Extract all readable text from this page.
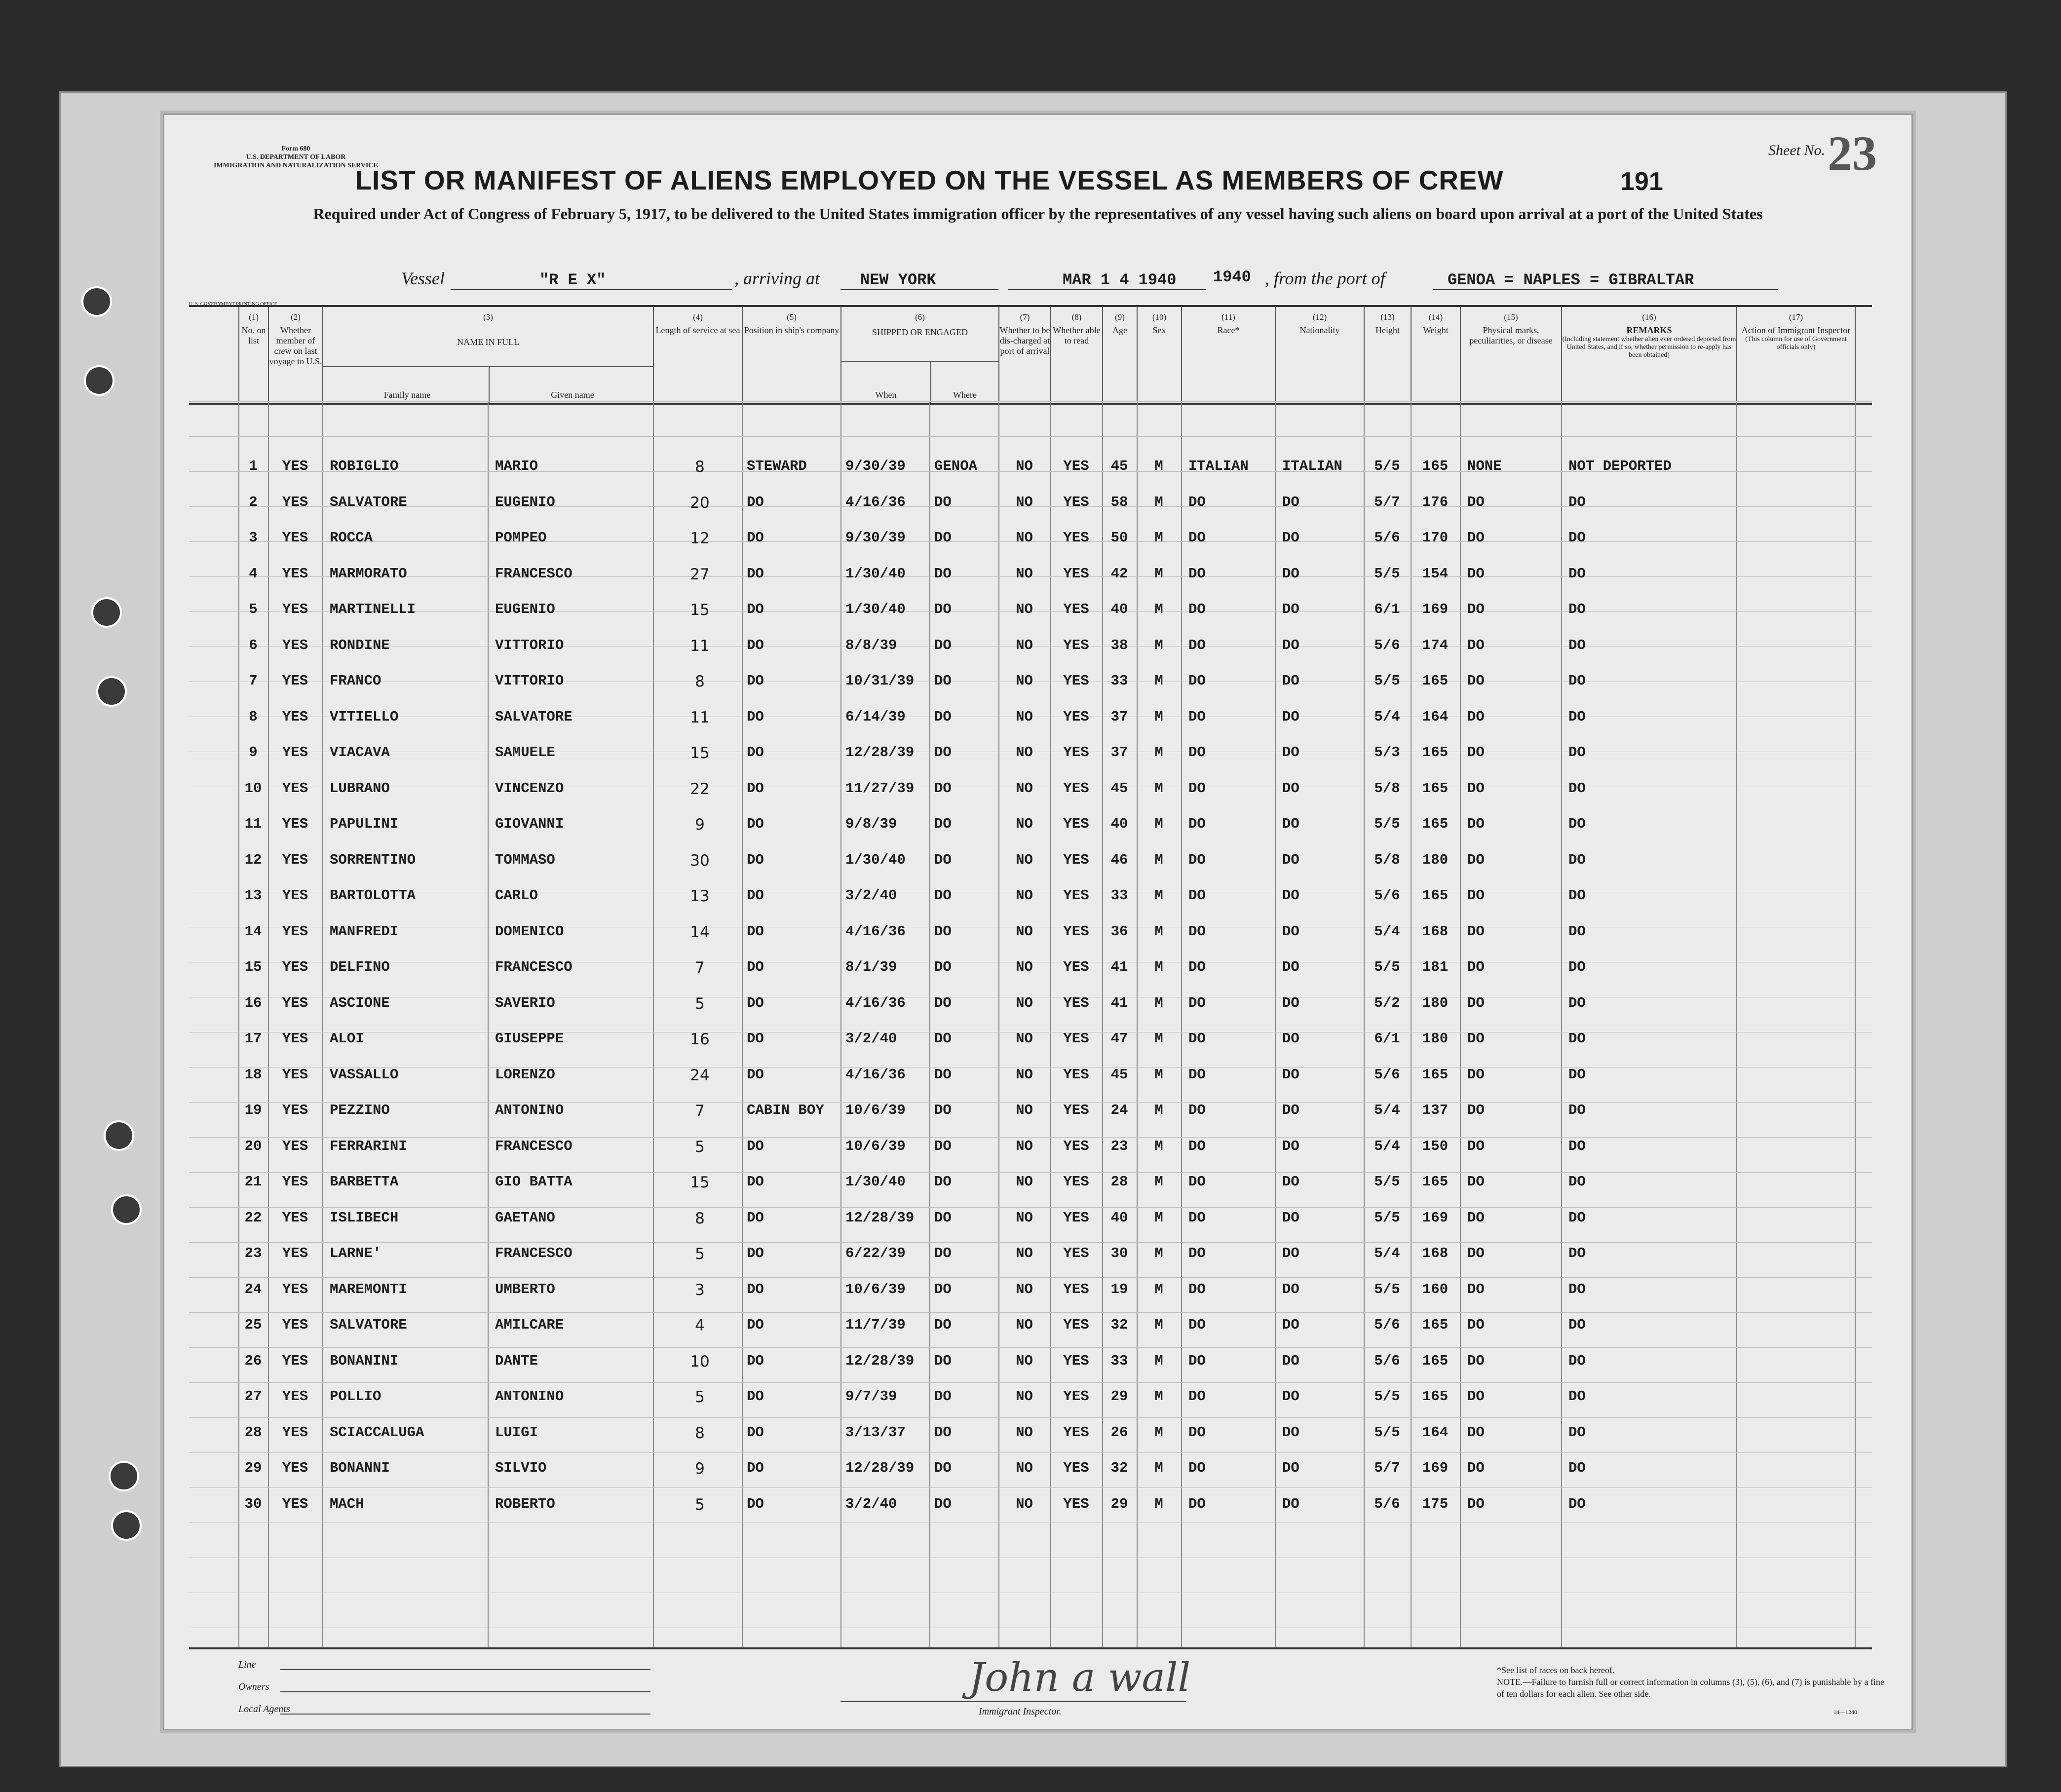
Form 680
U.S. DEPARTMENT OF LABOR
IMMIGRATION AND NATURALIZATION SERVICE
Sheet No. 23
191
LIST OR MANIFEST OF ALIENS EMPLOYED ON THE VESSEL AS MEMBERS OF CREW
Required under Act of Congress of February 5, 1917, to be delivered to the United States immigration officer by the representatives of any vessel having such aliens on board upon arrival at a port of the United States
Vessel	"R E X"	, arriving at	NEW YORK	MAR 1 4 1940	1940 , from the port of	GENOA = NAPLES = GIBRALTAR
U. S. GOVERNMENT PRINTING OFFICE
(1)
No. on list
(2)
Whether member of crew on last voyage to U.S.
(3)
NAME IN FULL
Family name	Given name
(4)
Length of service at sea
(5)
Position in ship's company
(6)
SHIPPED OR ENGAGED
When	Where
(7)
Whether to be dis-charged at port of arrival
(8)
Whether able to read
(9)
Age
(10)
Sex
(11)
Race*
(12)
Nationality
(13)
Height
(14)
Weight
(15)
Physical marks, peculiarities, or disease
(16)
REMARKS
(Including statement whether alien ever ordered deported from United States, and if so, whether permission to re-apply has been obtained)
(17)
Action of Immigrant Inspector
(This column for use of Government officials only)
1	YES	ROBIGLIO	MARIO	8	STEWARD	9/30/39	GENOA	NO	YES	45	M	ITALIAN	ITALIAN	5/5	165	NONE	NOT DEPORTED
2	YES	SALVATORE	EUGENIO	20	DO	4/16/36	DO	NO	YES	58	M	DO	DO	5/7	176	DO	DO
3	YES	ROCCA	POMPEO	12	DO	9/30/39	DO	NO	YES	50	M	DO	DO	5/6	170	DO	DO
4	YES	MARMORATO	FRANCESCO	27	DO	1/30/40	DO	NO	YES	42	M	DO	DO	5/5	154	DO	DO
5	YES	MARTINELLI	EUGENIO	15	DO	1/30/40	DO	NO	YES	40	M	DO	DO	6/1	169	DO	DO
6	YES	RONDINE	VITTORIO	11	DO	8/8/39	DO	NO	YES	38	M	DO	DO	5/6	174	DO	DO
7	YES	FRANCO	VITTORIO	8	DO	10/31/39	DO	NO	YES	33	M	DO	DO	5/5	165	DO	DO
8	YES	VITIELLO	SALVATORE	11	DO	6/14/39	DO	NO	YES	37	M	DO	DO	5/4	164	DO	DO
9	YES	VIACAVA	SAMUELE	15	DO	12/28/39	DO	NO	YES	37	M	DO	DO	5/3	165	DO	DO
10	YES	LUBRANO	VINCENZO	22	DO	11/27/39	DO	NO	YES	45	M	DO	DO	5/8	165	DO	DO
11	YES	PAPULINI	GIOVANNI	9	DO	9/8/39	DO	NO	YES	40	M	DO	DO	5/5	165	DO	DO
12	YES	SORRENTINO	TOMMASO	30	DO	1/30/40	DO	NO	YES	46	M	DO	DO	5/8	180	DO	DO
13	YES	BARTOLOTTA	CARLO	13	DO	3/2/40	DO	NO	YES	33	M	DO	DO	5/6	165	DO	DO
14	YES	MANFREDI	DOMENICO	14	DO	4/16/36	DO	NO	YES	36	M	DO	DO	5/4	168	DO	DO
15	YES	DELFINO	FRANCESCO	7	DO	8/1/39	DO	NO	YES	41	M	DO	DO	5/5	181	DO	DO
16	YES	ASCIONE	SAVERIO	5	DO	4/16/36	DO	NO	YES	41	M	DO	DO	5/2	180	DO	DO
17	YES	ALOI	GIUSEPPE	16	DO	3/2/40	DO	NO	YES	47	M	DO	DO	6/1	180	DO	DO
18	YES	VASSALLO	LORENZO	24	DO	4/16/36	DO	NO	YES	45	M	DO	DO	5/6	165	DO	DO
19	YES	PEZZINO	ANTONINO	7	CABIN BOY	10/6/39	DO	NO	YES	24	M	DO	DO	5/4	137	DO	DO
20	YES	FERRARINI	FRANCESCO	5	DO	10/6/39	DO	NO	YES	23	M	DO	DO	5/4	150	DO	DO
21	YES	BARBETTA	GIO BATTA	15	DO	1/30/40	DO	NO	YES	28	M	DO	DO	5/5	165	DO	DO
22	YES	ISLIBECH	GAETANO	8	DO	12/28/39	DO	NO	YES	40	M	DO	DO	5/5	169	DO	DO
23	YES	LARNE'	FRANCESCO	5	DO	6/22/39	DO	NO	YES	30	M	DO	DO	5/4	168	DO	DO
24	YES	MAREMONTI	UMBERTO	3	DO	10/6/39	DO	NO	YES	19	M	DO	DO	5/5	160	DO	DO
25	YES	SALVATORE	AMILCARE	4	DO	11/7/39	DO	NO	YES	32	M	DO	DO	5/6	165	DO	DO
26	YES	BONANINI	DANTE	10	DO	12/28/39	DO	NO	YES	33	M	DO	DO	5/6	165	DO	DO
27	YES	POLLIO	ANTONINO	5	DO	9/7/39	DO	NO	YES	29	M	DO	DO	5/5	165	DO	DO
28	YES	SCIACCALUGA	LUIGI	8	DO	3/13/37	DO	NO	YES	26	M	DO	DO	5/5	164	DO	DO
29	YES	BONANNI	SILVIO	9	DO	12/28/39	DO	NO	YES	32	M	DO	DO	5/7	169	DO	DO
30	YES	MACH	ROBERTO	5	DO	3/2/40	DO	NO	YES	29	M	DO	DO	5/6	175	DO	DO
Line
Owners
Local Agents
John a wall
Immigrant Inspector.
*See list of races on back hereof.
NOTE.—Failure to furnish full or correct information in columns (3), (5), (6), and (7) is punishable by a fine of ten dollars for each alien. See other side.
14—1240
